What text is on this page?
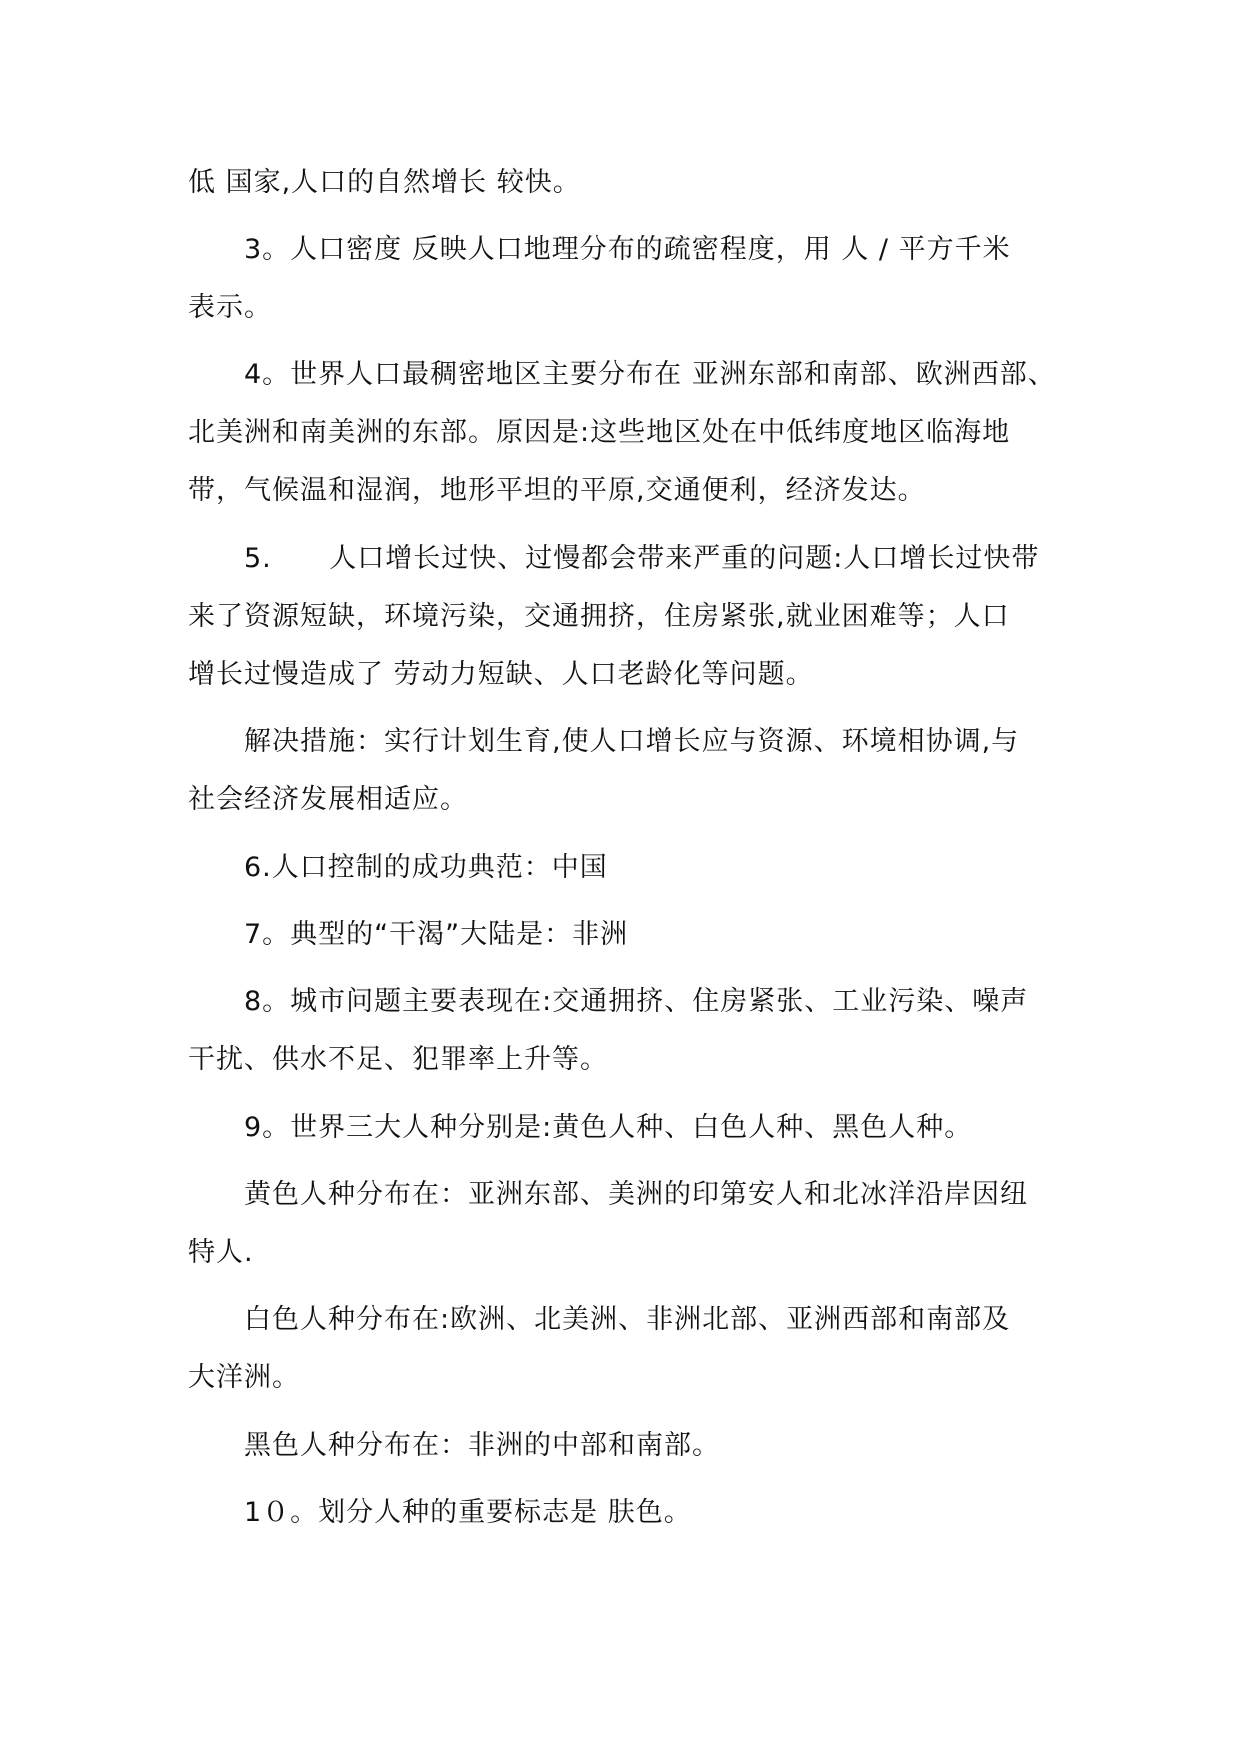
低 国家,人口的自然增长 较快。
3。人口密度 反映人口地理分布的疏密程度，用 人 / 平方千米
表示。
4。世界人口最稠密地区主要分布在 亚洲东部和南部、欧洲西部、
北美洲和南美洲的东部。原因是:这些地区处在中低纬度地区临海地
带，气候温和湿润，地形平坦的平原,交通便利，经济发达。
5.      人口增长过快、过慢都会带来严重的问题:人口增长过快带
来了资源短缺，环境污染，交通拥挤，住房紧张,就业困难等；人口
增长过慢造成了 劳动力短缺、人口老龄化等问题。
解决措施：实行计划生育,使人口增长应与资源、环境相协调,与
社会经济发展相适应。
6.人口控制的成功典范：中国
7。典型的“干渴”大陆是：非洲
8。城市问题主要表现在:交通拥挤、住房紧张、工业污染、噪声
干扰、供水不足、犯罪率上升等。
9。世界三大人种分别是:黄色人种、白色人种、黑色人种。
黄色人种分布在：亚洲东部、美洲的印第安人和北冰洋沿岸因纽
特人.
白色人种分布在:欧洲、北美洲、非洲北部、亚洲西部和南部及
大洋洲。
黑色人种分布在：非洲的中部和南部。
1０。划分人种的重要标志是 肤色。
